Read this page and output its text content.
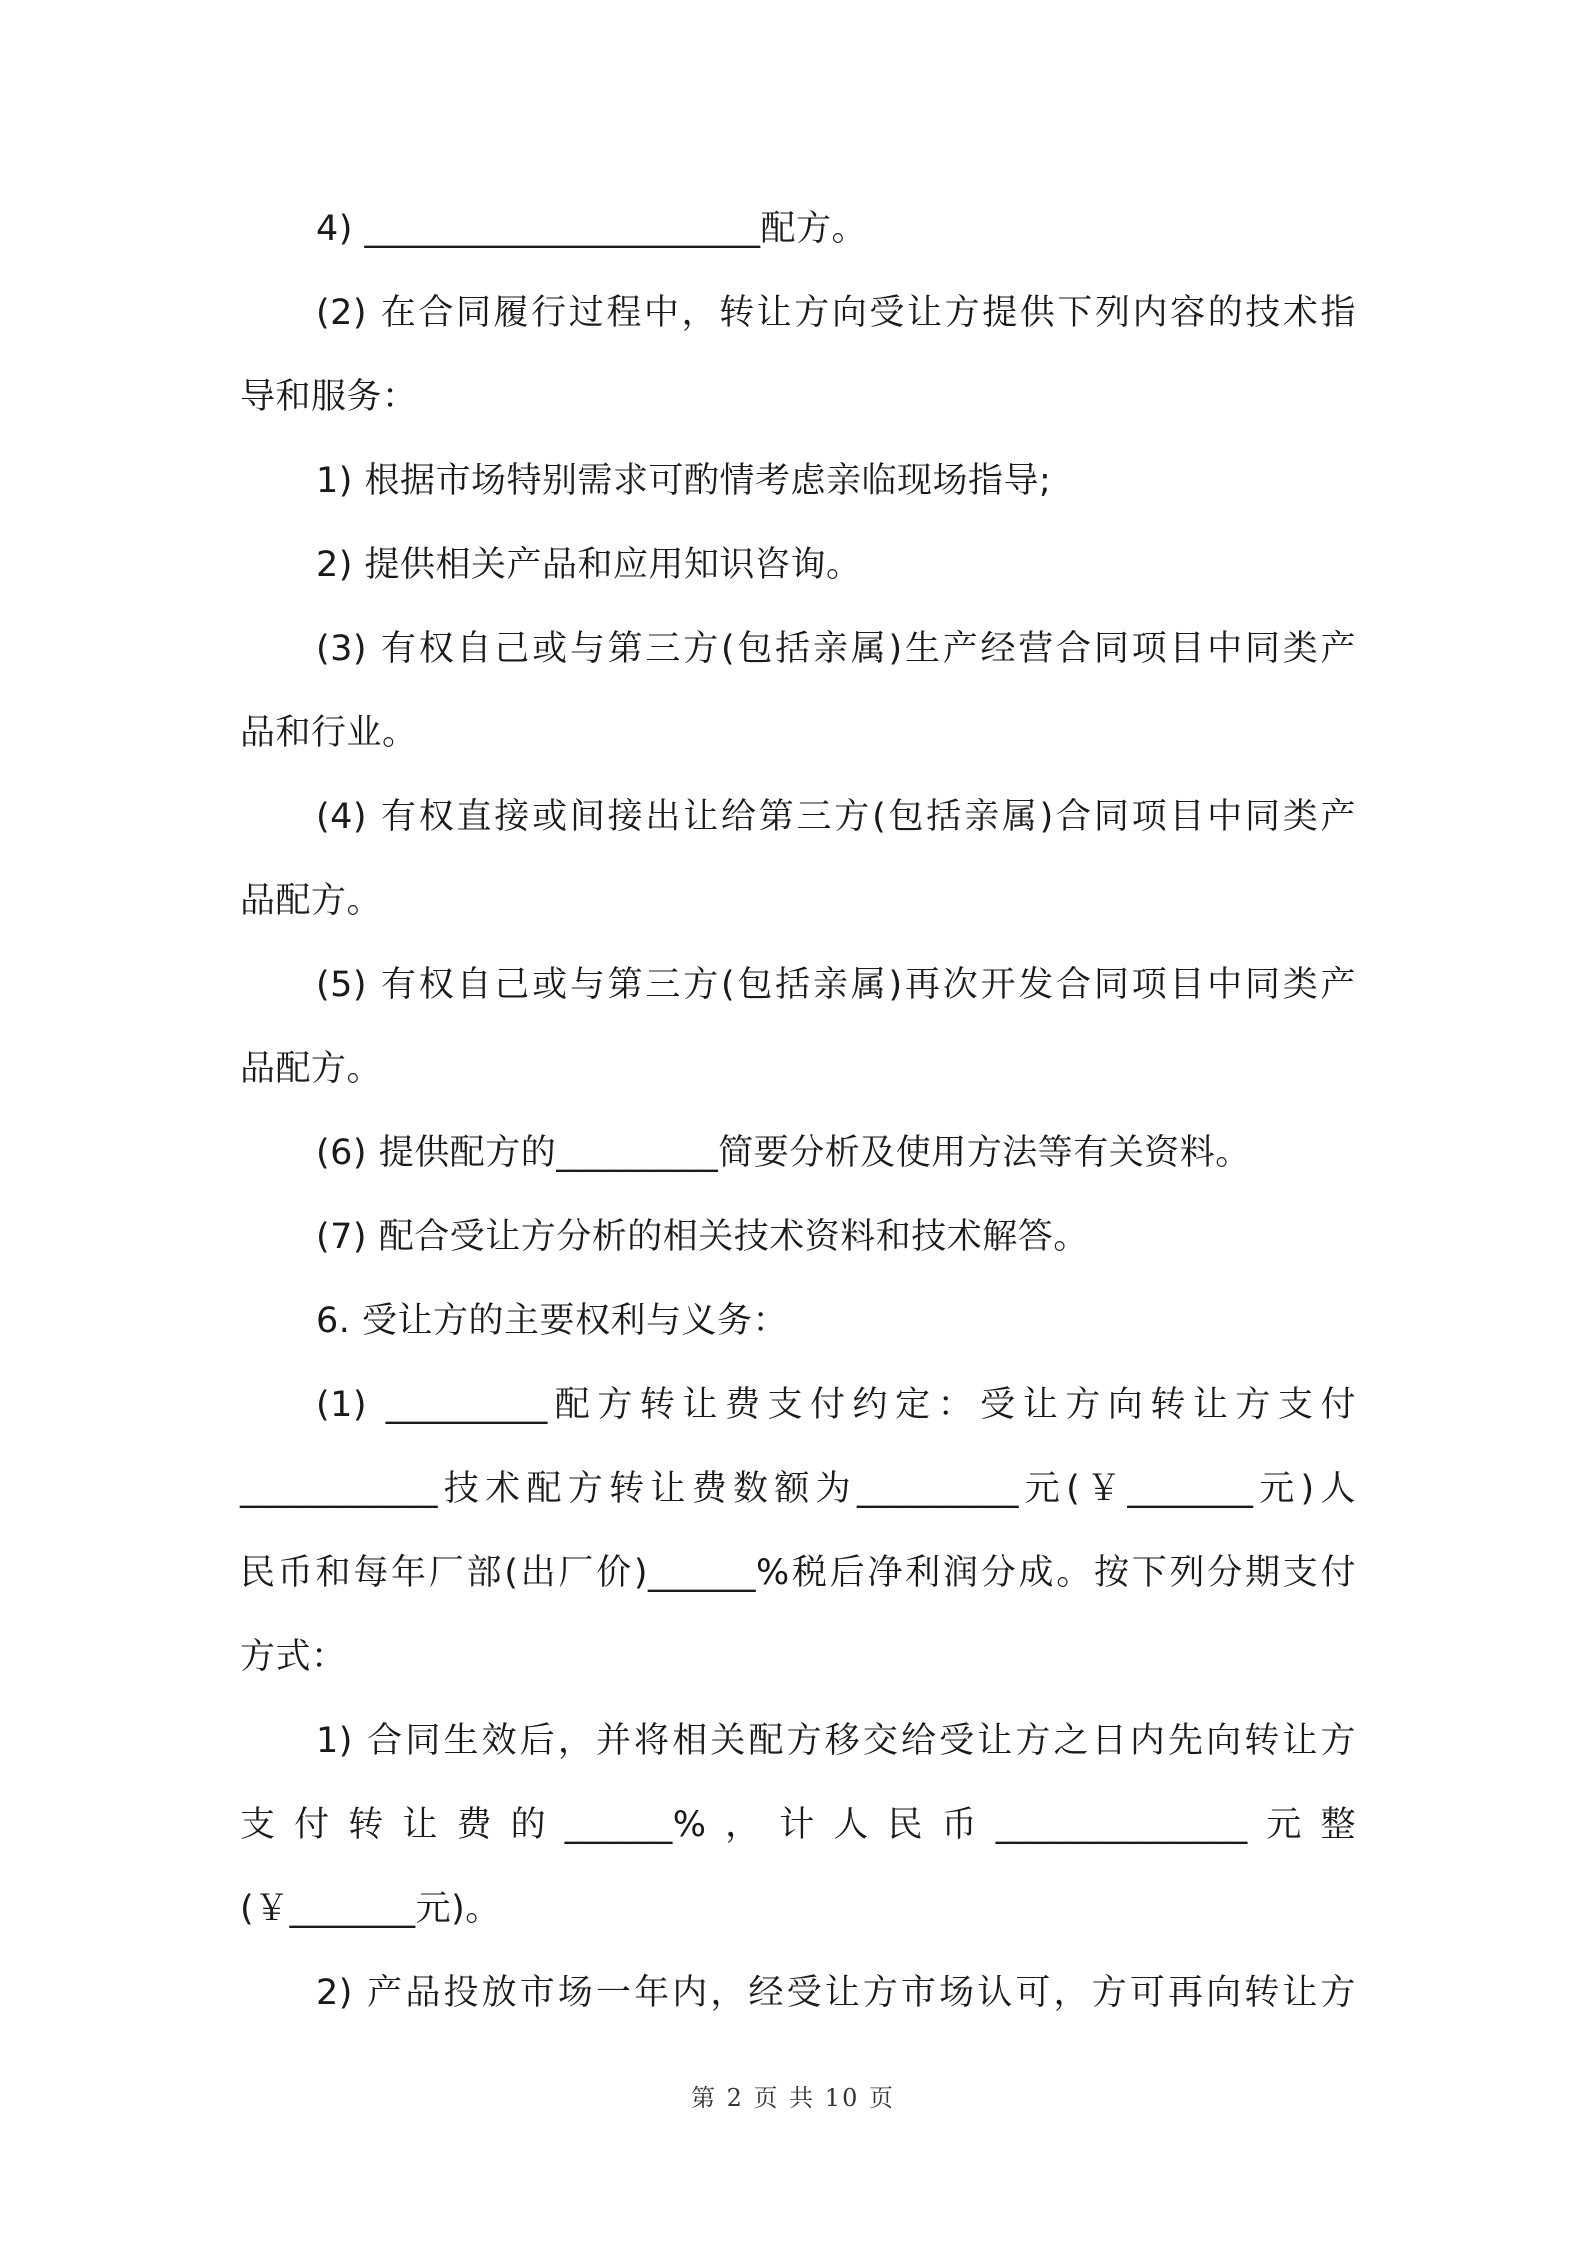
4) ______________________配方。
(2) 在合同履行过程中，转让方向受让方提供下列内容的技术指
导和服务：
1) 根据市场特别需求可酌情考虑亲临现场指导;
2) 提供相关产品和应用知识咨询。
(3) 有权自己或与第三方(包括亲属)生产经营合同项目中同类产
品和行业。
(4) 有权直接或间接出让给第三方(包括亲属)合同项目中同类产
品配方。
(5) 有权自己或与第三方(包括亲属)再次开发合同项目中同类产
品配方。
(6) 提供配方的_________简要分析及使用方法等有关资料。
(7) 配合受让方分析的相关技术资料和技术解答。
6. 受让方的主要权利与义务：
(1) _________配方转让费支付约定：受让方向转让方支付
___________技术配方转让费数额为_________元(￥_______元)人
民币和每年厂部(出厂价)______%税后净利润分成。按下列分期支付
方式：
1) 合同生效后，并将相关配方移交给受让方之日内先向转让方
支付转让费的______%，计人民币______________元整
(￥_______元)。
2) 产品投放市场一年内，经受让方市场认可，方可再向转让方
第 2 页 共 10 页
